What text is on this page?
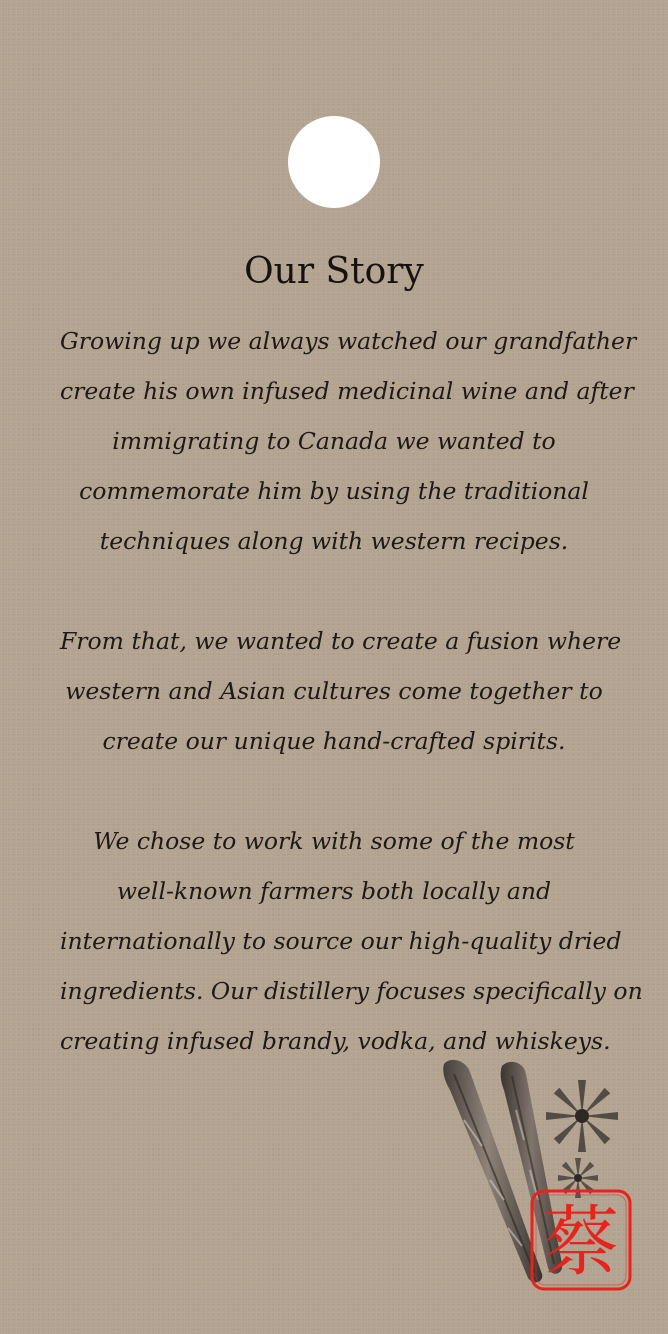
Our Story

Growing up we always watched our grandfather
create his own infused medicinal wine and after
immigrating to Canada we wanted to
commemorate him by using the traditional
techniques along with western recipes.

From that, we wanted to create a fusion where
western and Asian cultures come together to
create our unique hand-crafted spirits.

We chose to work with some of the most
well-known farmers both locally and
internationally to source our high-quality dried
ingredients. Our distillery focuses specifically on
creating infused brandy, vodka, and whiskeys.

蔡
